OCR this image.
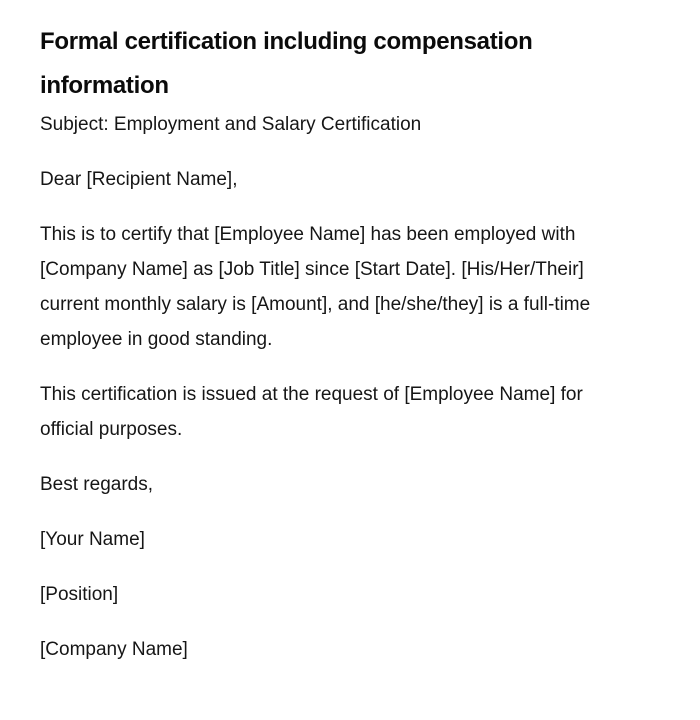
Formal certification including compensation information

Subject: Employment and Salary Certification

Dear [Recipient Name],

This is to certify that [Employee Name] has been employed with [Company Name] as [Job Title] since [Start Date]. [His/Her/Their] current monthly salary is [Amount], and [he/she/they] is a full-time employee in good standing.

This certification is issued at the request of [Employee Name] for official purposes.

Best regards,

[Your Name]

[Position]

[Company Name]
